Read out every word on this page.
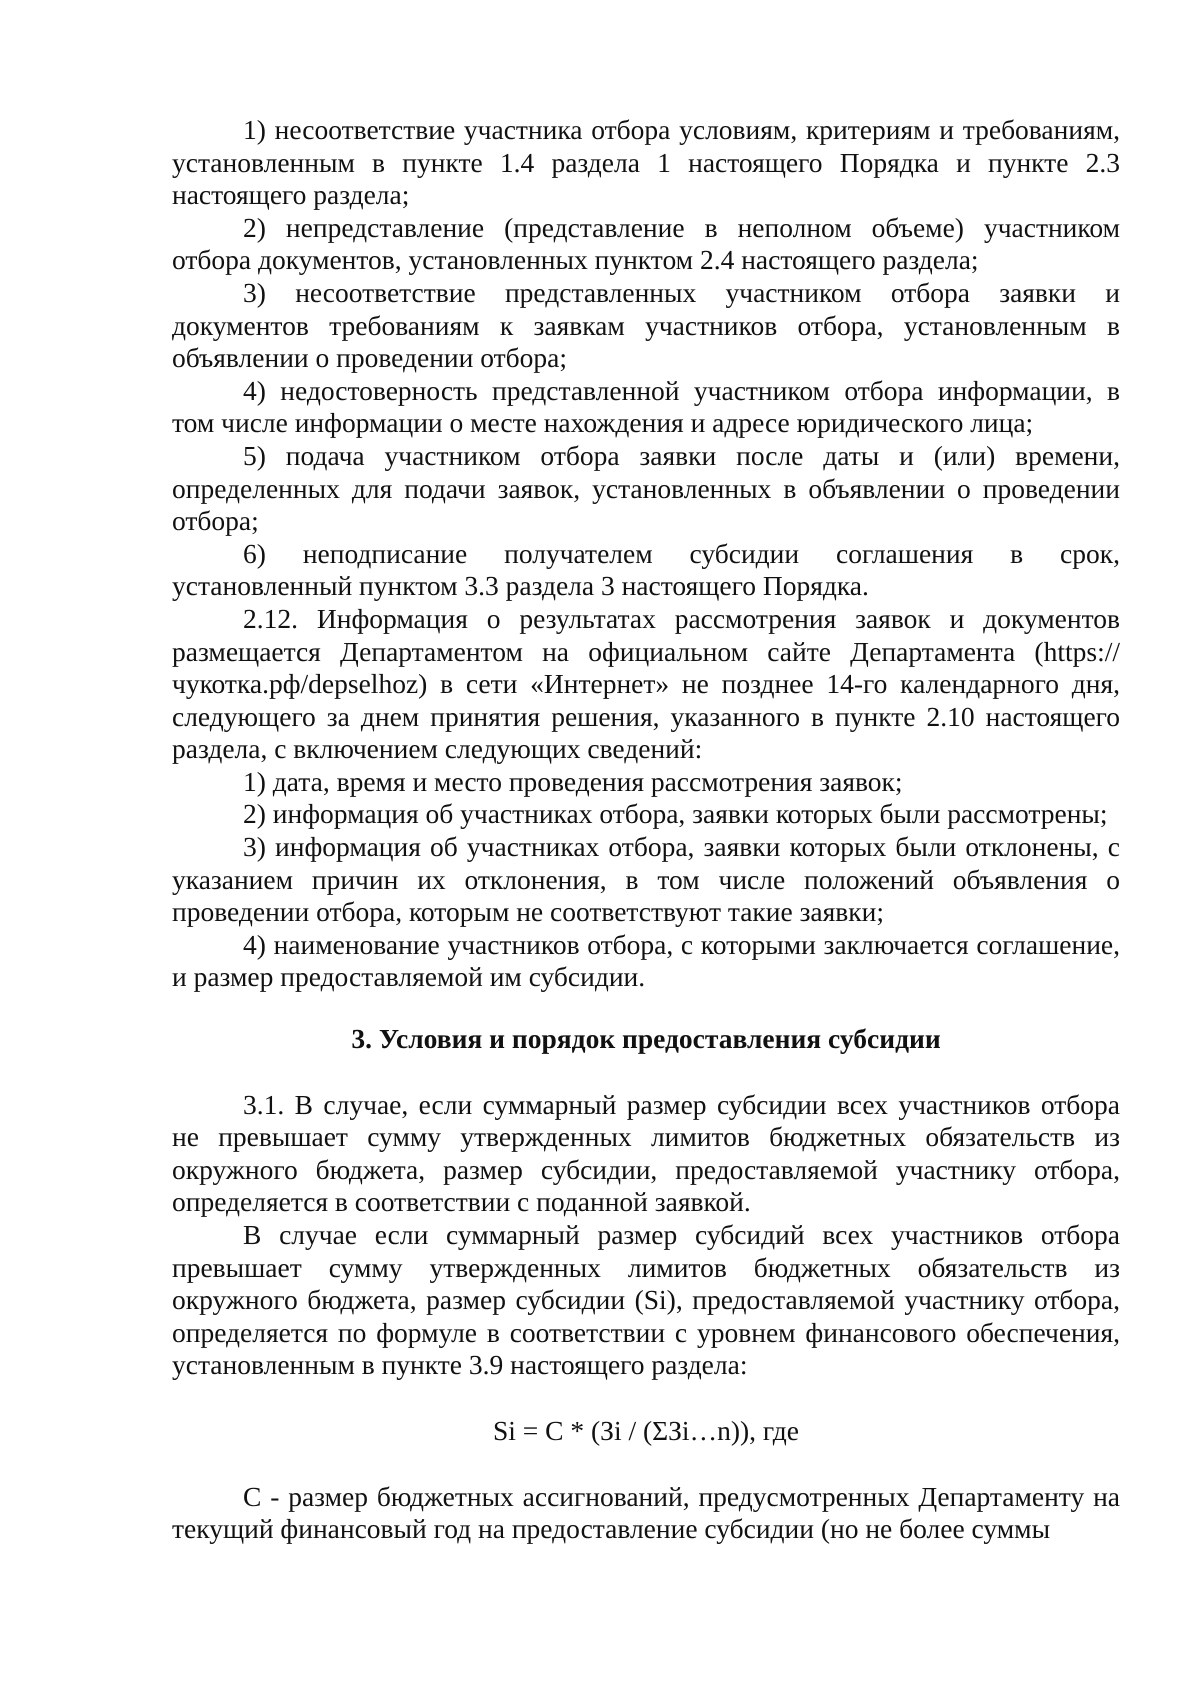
1) несоответствие участника отбора условиям, критериям и требованиям, установленным в пункте 1.4 раздела 1 настоящего Порядка и пункте 2.3 настоящего раздела;

2) непредставление (представление в неполном объеме) участником отбора документов, установленных пунктом 2.4 настоящего раздела;

3) несоответствие представленных участником отбора заявки и документов требованиям к заявкам участников отбора, установленным в объявлении о проведении отбора;

4) недостоверность представленной участником отбора информации, в том числе информации о месте нахождения и адресе юридического лица;

5) подача участником отбора заявки после даты и (или) времени, определенных для подачи заявок, установленных в объявлении о проведении отбора;

6) неподписание получателем субсидии соглашения в срок, установленный пунктом 3.3 раздела 3 настоящего Порядка.

2.12. Информация о результатах рассмотрения заявок и документов размещается Департаментом на официальном сайте Департамента (https://чукотка.рф/depselhoz) в сети «Интернет» не позднее 14-го календарного дня, следующего за днем принятия решения, указанного в пункте 2.10 настоящего раздела, с включением следующих сведений:

1) дата, время и место проведения рассмотрения заявок;

2) информация об участниках отбора, заявки которых были рассмотрены;

3) информация об участниках отбора, заявки которых были отклонены, с указанием причин их отклонения, в том числе положений объявления о проведении отбора, которым не соответствуют такие заявки;

4) наименование участников отбора, с которыми заключается соглашение, и размер предоставляемой им субсидии.

3. Условия и порядок предоставления субсидии

3.1. В случае, если суммарный размер субсидии всех участников отбора не превышает сумму утвержденных лимитов бюджетных обязательств из окружного бюджета, размер субсидии, предоставляемой участнику отбора, определяется в соответствии с поданной заявкой.

В случае если суммарный размер субсидий всех участников отбора превышает сумму утвержденных лимитов бюджетных обязательств из окружного бюджета, размер субсидии (Si), предоставляемой участнику отбора, определяется по формуле в соответствии с уровнем финансового обеспечения, установленным в пункте 3.9 настоящего раздела:

Si = С * (Зi / (ΣЗi…n)), где

С - размер бюджетных ассигнований, предусмотренных Департаменту на текущий финансовый год на предоставление субсидии (но не более суммы
